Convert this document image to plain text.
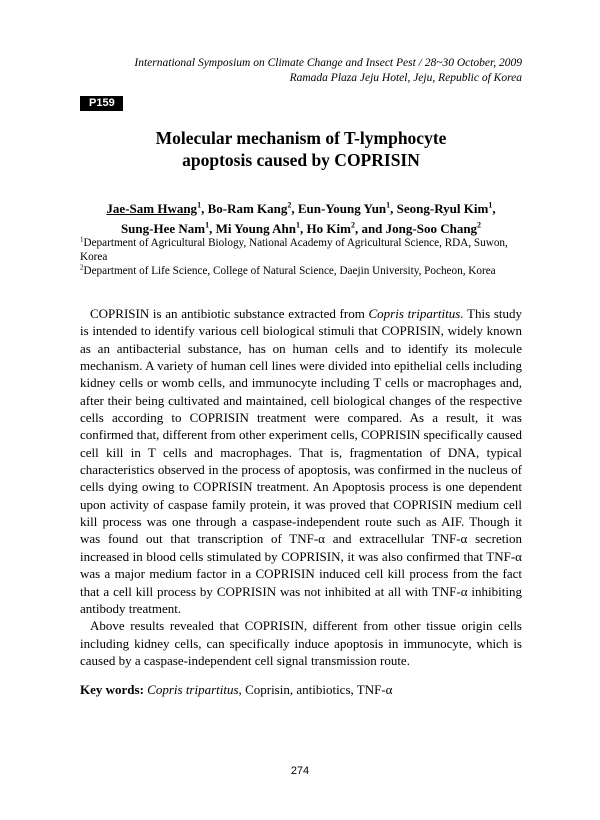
International Symposium on Climate Change and Insect Pest / 28~30 October, 2009
Ramada Plaza Jeju Hotel, Jeju, Republic of Korea
P159
Molecular mechanism of T-lymphocyte
apoptosis caused by COPRISIN
Jae-Sam Hwang$^1$, Bo-Ram Kang$^2$, Eun-Young Yun$^1$, Seong-Ryul Kim$^1$,
Sung-Hee Nam$^1$, Mi Young Ahn$^1$, Ho Kim$^2$, and Jong-Soo Chang$^2$
$^1$Department of Agricultural Biology, National Academy of Agricultural Science, RDA, Suwon, Korea
$^2$Department of Life Science, College of Natural Science, Daejin University, Pocheon, Korea

COPRISIN is an antibiotic substance extracted from Copris tripartitus. This study is intended to identify various cell biological stimuli that COPRISIN, widely known as an antibacterial substance, has on human cells and to identify its molecule mechanism. A variety of human cell lines were divided into epithelial cells including kidney cells or womb cells, and immunocyte including T cells or macrophages and, after their being cultivated and maintained, cell biological changes of the respective cells according to COPRISIN treatment were compared. As a result, it was confirmed that, different from other experiment cells, COPRISIN specifically caused cell kill in T cells and macrophages. That is, fragmentation of DNA, typical characteristics observed in the process of apoptosis, was confirmed in the nucleus of cells dying owing to COPRISIN treatment. An Apoptosis process is one dependent upon activity of caspase family protein, it was proved that COPRISIN medium cell kill process was one through a caspase-independent route such as AIF. Though it was found out that transcription of TNF-α and extracellular TNF-α secretion increased in blood cells stimulated by COPRISIN, it was also confirmed that TNF-α was a major medium factor in a COPRISIN induced cell kill process from the fact that a cell kill process by COPRISIN was not inhibited at all with TNF-α inhibiting antibody treatment.

Above results revealed that COPRISIN, different from other tissue origin cells including kidney cells, can specifically induce apoptosis in immunocyte, which is caused by a caspase-independent cell signal transmission route.

Key words: Copris tripartitus, Coprisin, antibiotics, TNF-α
274
